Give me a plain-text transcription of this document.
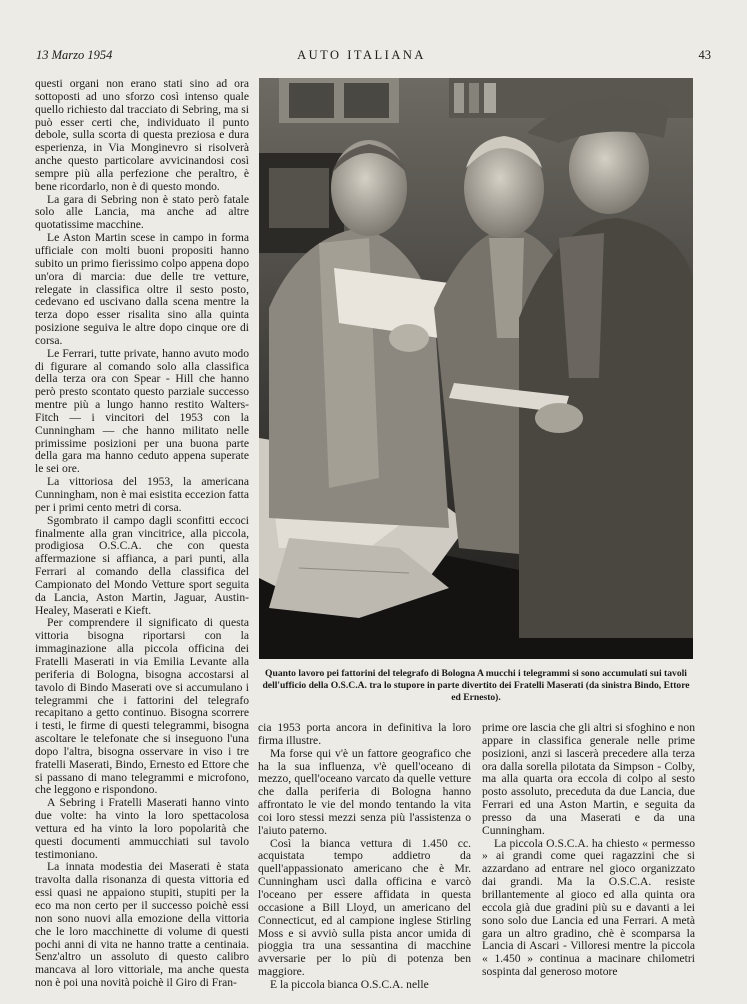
13 Marzo 1954	AUTO ITALIANA	43

questi organi non erano stati sino ad ora sottoposti ad uno sforzo così intenso quale quello richiesto dal tracciato di Sebring, ma si può esser certi che, individuato il punto debole, sulla scorta di questa preziosa e dura esperienza, in Via Monginevro si risolverà anche questo particolare avvicinandosi così sempre più alla perfezione che peraltro, è bene ricordarlo, non è di questo mondo.

La gara di Sebring non è stato però fatale solo alle Lancia, ma anche ad altre quotatissime macchine.

Le Aston Martin scese in campo in forma ufficiale con molti buoni propositi hanno subito un primo fierissimo colpo appena dopo un'ora di marcia: due delle tre vetture, relegate in classifica oltre il sesto posto, cedevano ed uscivano dalla scena mentre la terza dopo esser risalita sino alla quinta posizione seguiva le altre dopo cinque ore di corsa.

Le Ferrari, tutte private, hanno avuto modo di figurare al comando solo alla classifica della terza ora con Spear - Hill che hanno però presto scontato questo parziale successo mentre più a lungo hanno restito Walters-Fitch — i vincitori del 1953 con la Cunningham — che hanno militato nelle primissime posizioni per una buona parte della gara ma hanno ceduto appena superate le sei ore.

La vittoriosa del 1953, la americana Cunningham, non è mai esistita eccezion fatta per i primi cento metri di corsa.

Sgombrato il campo dagli sconfitti eccoci finalmente alla gran vincitrice, alla piccola, prodigiosa O.S.C.A. che con questa affermazione si affianca, a pari punti, alla Ferrari al comando della classifica del Campionato del Mondo Vetture sport seguita da Lancia, Aston Martin, Jaguar, Austin-Healey, Maserati e Kieft.

Per comprendere il significato di questa vittoria bisogna riportarsi con la immaginazione alla piccola officina dei Fratelli Maserati in via Emilia Levante alla periferia di Bologna, bisogna accostarsi al tavolo di Bindo Maserati ove si accumulano i telegrammi che i fattorini del telegrafo recapitano a getto continuo. Bisogna scorrere i testi, le firme di questi telegrammi, bisogna ascoltare le telefonate che si inseguono l'una dopo l'altra, bisogna osservare in viso i tre fratelli Maserati, Bindo, Ernesto ed Ettore che si passano di mano telegrammi e microfono, che leggono e rispondono.

A Sebring i Fratelli Maserati hanno vinto due volte: ha vinto la loro spettacolosa vettura ed ha vinto la loro popolarità che questi documenti ammucchiati sul tavolo testimoniano.

La innata modestia dei Maserati è stata travolta dalla risonanza di questa vittoria ed essi quasi ne appaiono stupiti, stupiti per la eco ma non certo per il successo poichè essi non sono nuovi alla emozione della vittoria che le loro macchinette di volume di questi pochi anni di vita ne hanno tratte a centinaia. Senz'altro un assoluto di questo calibro mancava al loro vittoriale, ma anche questa non è poi una novità poichè il Giro di Fran-

Quanto lavoro pei fattorini del telegrafo di Bologna A mucchi i telegrammi si sono accumulati sui tavoli dell'ufficio della O.S.C.A. tra lo stupore in parte divertito dei Fratelli Maserati (da sinistra Bindo, Ettore ed Ernesto).

cia 1953 porta ancora in definitiva la loro firma illustre.

Ma forse qui v'è un fattore geografico che ha la sua influenza, v'è quell'oceano di mezzo, quell'oceano varcato da quelle vetture che dalla periferia di Bologna hanno affrontato le vie del mondo tentando la vita coi loro stessi mezzi senza più l'assistenza o l'aiuto paterno.

Così la bianca vettura di 1.450 cc. acquistata tempo addietro da quell'appassionato americano che è Mr. Cunningham uscì dalla officina e varcò l'oceano per essere affidata in questa occasione a Bill Lloyd, un americano del Connecticut, ed al campione inglese Stirling Moss e si avviò sulla pista ancor umida di pioggia tra una sessantina di macchine avversarie per lo più di potenza ben maggiore.

E la piccola bianca O.S.C.A. nelle

prime ore lascia che gli altri si sfoghino e non appare in classifica generale nelle prime posizioni, anzi si lascerà precedere alla terza ora dalla sorella pilotata da Simpson - Colby, ma alla quarta ora eccola di colpo al sesto posto assoluto, preceduta da due Lancia, due Ferrari ed una Aston Martin, e seguita da presso da una Maserati e da una Cunningham.

La piccola O.S.C.A. ha chiesto « permesso » ai grandi come quei ragazzini che si azzardano ad entrare nel gioco organizzato dai grandi. Ma la O.S.C.A. resiste brillantemente al gioco ed alla quinta ora eccola già due gradini più su e davanti a lei sono solo due Lancia ed una Ferrari. A metà gara un altro gradino, chè è scomparsa la Lancia di Ascari - Villoresi mentre la piccola « 1.450 » continua a macinare chilometri sospinta dal generoso motore
